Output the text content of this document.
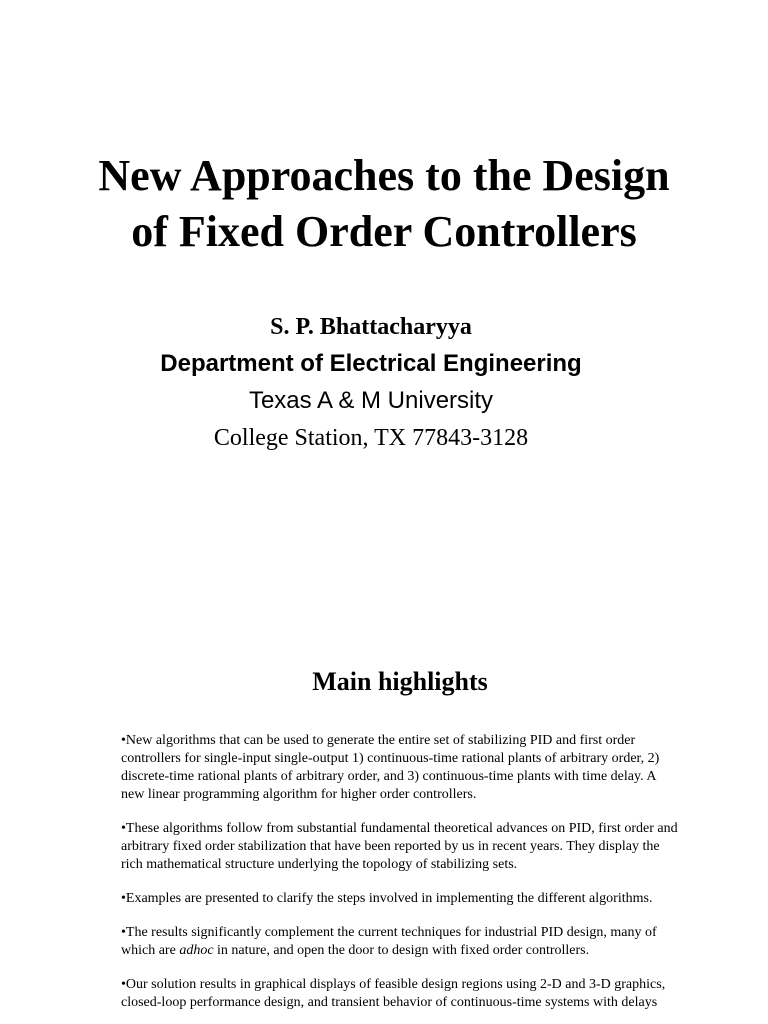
New Approaches to the Design
of Fixed Order Controllers
S. P. Bhattacharyya
Department of Electrical Engineering
Texas A & M University
College Station, TX 77843-3128
Main highlights
•New algorithms that can be used to generate the entire set of stabilizing PID and first order controllers for single-input single-output 1) continuous-time rational plants of arbitrary order, 2) discrete-time rational plants of arbitrary order, and 3) continuous-time plants with time delay. A new linear programming algorithm for higher order controllers.
•These algorithms follow from substantial fundamental theoretical advances on PID, first order and arbitrary fixed order stabilization that have been reported by us in recent years. They display the rich mathematical structure underlying the topology of stabilizing sets.
•Examples are presented to clarify the steps involved in implementing the different algorithms.
•The results significantly complement the current techniques for industrial PID design, many of which are adhoc in nature, and open the door to design with fixed order controllers.
•Our solution results in graphical displays of feasible design regions using 2-D and 3-D graphics, closed-loop performance design, and transient behavior of continuous-time systems with delays
